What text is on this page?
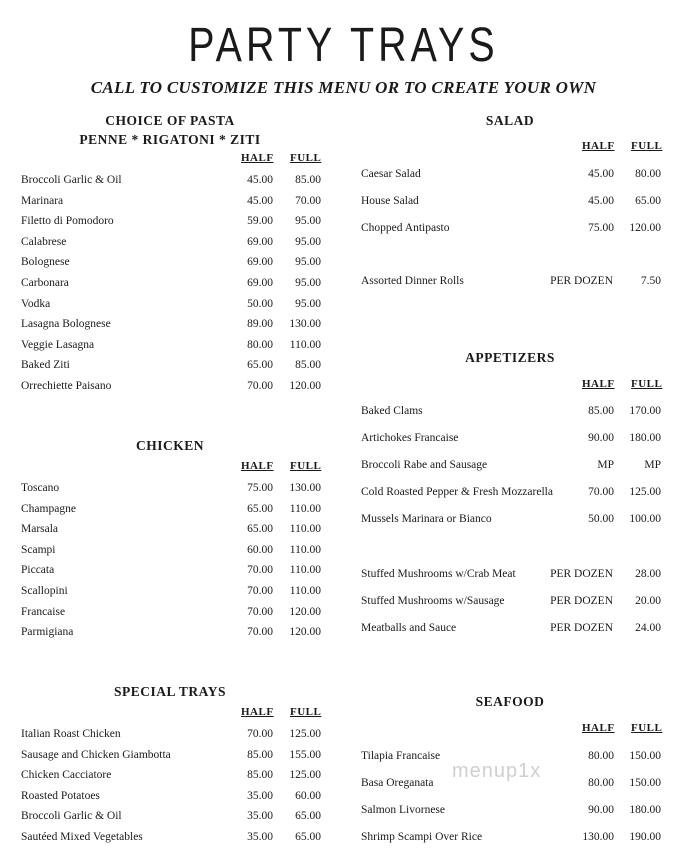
PARTY TRAYS
CALL TO CUSTOMIZE THIS MENU OR TO CREATE YOUR OWN
CHOICE OF PASTA
PENNE * RIGATONI * ZITI
HALF FULL
Broccoli Garlic & Oil	45.00 85.00
Marinara	45.00 70.00
Filetto di Pomodoro	59.00 95.00
Calabrese	69.00 95.00
Bolognese	69.00 95.00
Carbonara	69.00 95.00
Vodka	50.00 95.00
Lasagna Bolognese	89.00 130.00
Veggie Lasagna	80.00 110.00
Baked Ziti	65.00 85.00
Orrechiette Paisano	70.00 120.00
CHICKEN
HALF FULL
Toscano	75.00 130.00
Champagne	65.00 110.00
Marsala	65.00 110.00
Scampi	60.00 110.00
Piccata	70.00 110.00
Scallopini	70.00 110.00
Francaise	70.00 120.00
Parmigiana	70.00 120.00
SPECIAL TRAYS
HALF FULL
Italian Roast Chicken	70.00 125.00
Sausage and Chicken Giambotta	85.00 155.00
Chicken Cacciatore	85.00 125.00
Roasted Potatoes	35.00 60.00
Broccoli Garlic & Oil	35.00 65.00
Sautéed Mixed Vegetables	35.00 65.00
SALAD
HALF FULL
Caesar Salad	45.00 80.00
House Salad	45.00 65.00
Chopped Antipasto	75.00 120.00
Assorted Dinner Rolls	PER DOZEN 7.50
APPETIZERS
HALF FULL
Baked Clams	85.00 170.00
Artichokes Francaise	90.00 180.00
Broccoli Rabe and Sausage	MP	MP
Cold Roasted Pepper & Fresh Mozzarella	70.00 125.00
Mussels Marinara or Bianco	50.00 100.00
Stuffed Mushrooms w/Crab Meat	PER DOZEN 28.00
Stuffed Mushrooms w/Sausage	PER DOZEN 20.00
Meatballs and Sauce	PER DOZEN 24.00
SEAFOOD
HALF FULL
Tilapia Francaise	80.00 150.00
Basa Oreganata	80.00 150.00
Salmon Livornese	90.00 180.00
Shrimp Scampi Over Rice	130.00 190.00
menup1x
